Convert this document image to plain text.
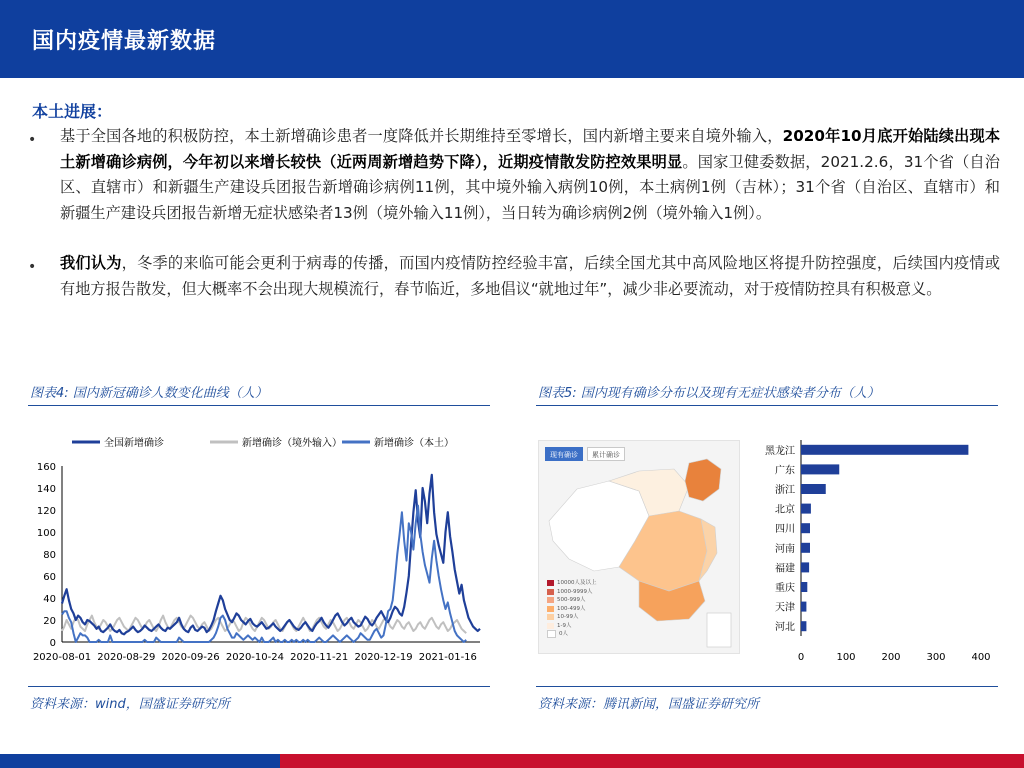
国内疫情最新数据
本土进展：
• 基于全国各地的积极防控，本土新增确诊患者一度降低并长期维持至零增长，国内新增主要来自境外输入，2020年10月底开始陆续出现本土新增确诊病例，今年初以来增长较快（近两周新增趋势下降），近期疫情散发防控效果明显。国家卫健委数据，2021.2.6，31个省（自治区、直辖市）和新疆生产建设兵团报告新增确诊病例11例，其中境外输入病例10例，本土病例1例（吉林）；31个省（自治区、直辖市）和新疆生产建设兵团报告新增无症状感染者13例（境外输入11例），当日转为确诊病例2例（境外输入1例）。
• 我们认为，冬季的来临可能会更利于病毒的传播，而国内疫情防控经验丰富，后续全国尤其中高风险地区将提升防控强度，后续国内疫情或有地方报告散发，但大概率不会出现大规模流行，春节临近，多地倡议“就地过年”，减少非必要流动，对于疫情防控具有积极意义。
图表4: 国内新冠确诊人数变化曲线（人）	图表5: 国内现有确诊分布以及现有无症状感染者分布（人）
0
20
40
60
80
100
120
140
160
2020-08-01 2020-08-29 2020-09-26 2020-10-24 2020-11-21 2020-12-19 2021-01-16
全国新增确诊	新增确诊（境外输入）	新增确诊（本土）
现有确诊	累计确诊
10000人及以上
1000-9999人
500-999人
100-499人
10-99人
1-9人
0人
黑龙江
广东
浙江
北京
四川
河南
福建
重庆
天津
河北
0	100	200	300	400
资料来源：wind，国盛证券研究所	资料来源：腾讯新闻，国盛证券研究所
